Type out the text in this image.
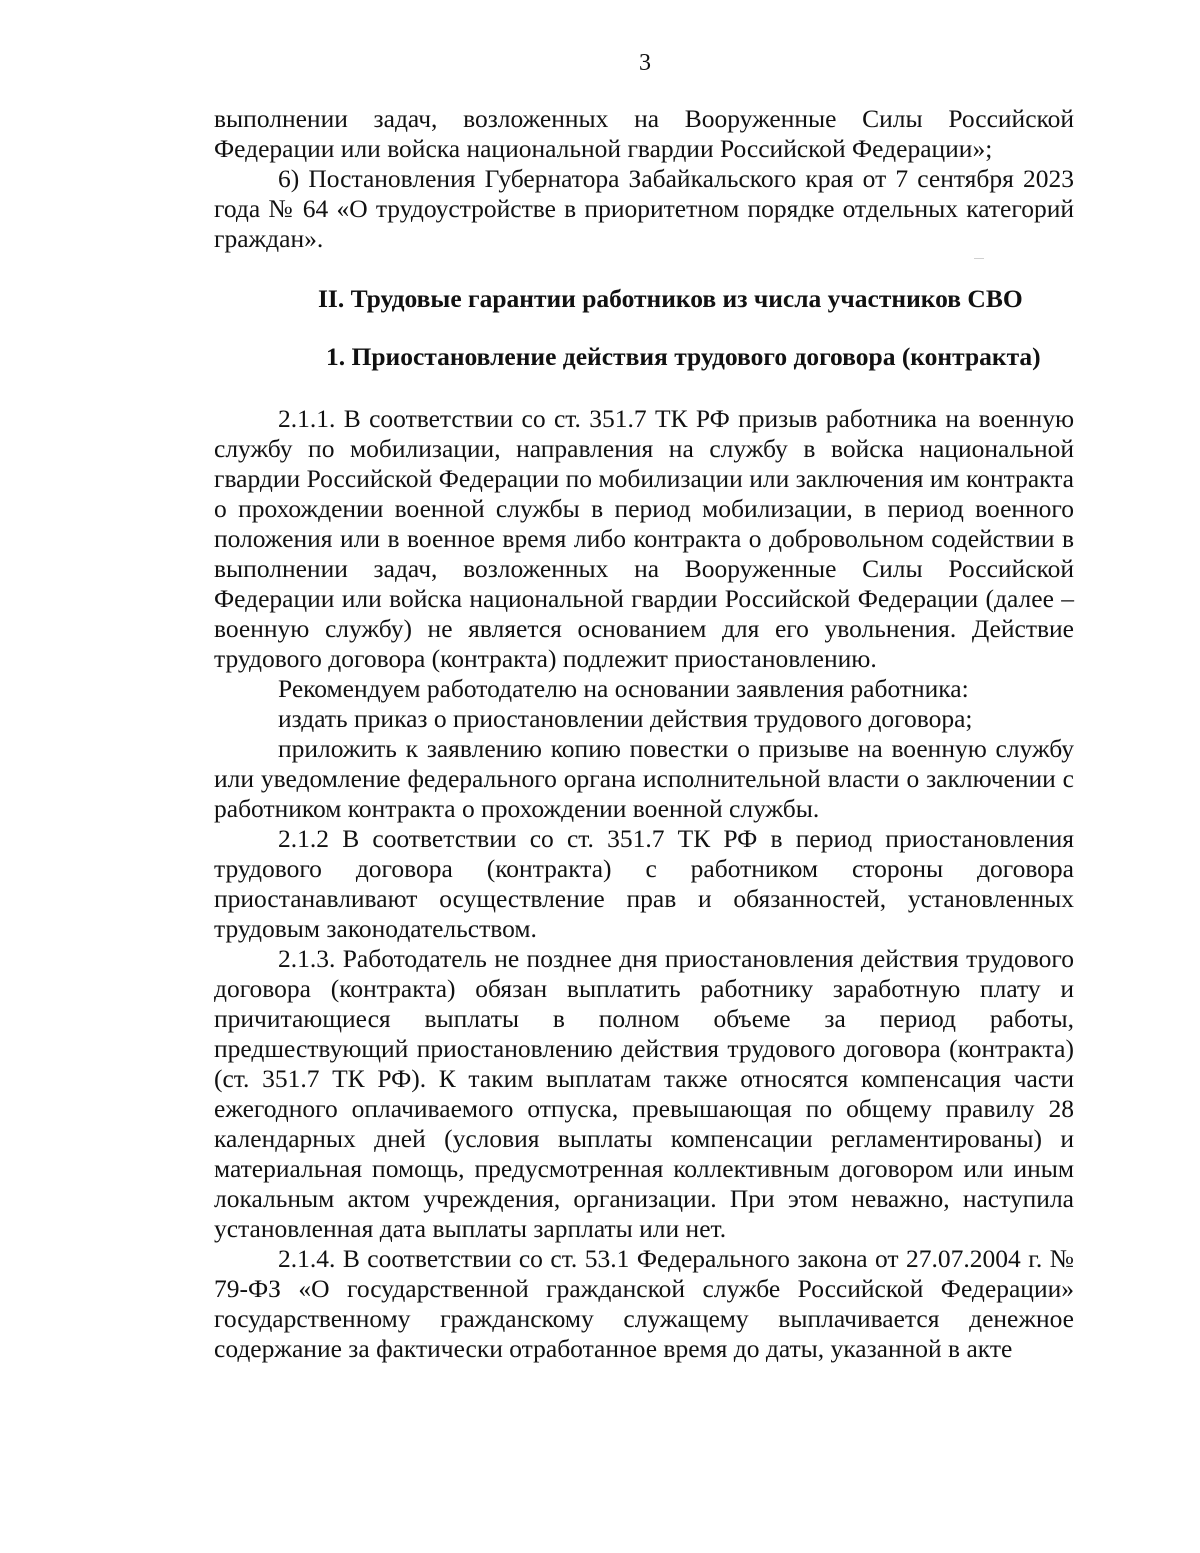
3

выполнении задач, возложенных на Вооруженные Силы Российской Федерации или войска национальной гвардии Российской Федерации»;

6) Постановления Губернатора Забайкальского края от 7 сентября 2023 года № 64 «О трудоустройстве в приоритетном порядке отдельных категорий граждан».

II. Трудовые гарантии работников из числа участников СВО
1. Приостановление действия трудового договора (контракта)

2.1.1. В соответствии со ст. 351.7 ТК РФ призыв работника на военную службу по мобилизации, направления на службу в войска национальной гвардии Российской Федерации по мобилизации или заключения им контракта о прохождении военной службы в период мобилизации, в период военного положения или в военное время либо контракта о добровольном содействии в выполнении задач, возложенных на Вооруженные Силы Российской Федерации или войска национальной гвардии Российской Федерации (далее – военную службу) не является основанием для его увольнения. Действие трудового договора (контракта) подлежит приостановлению.

Рекомендуем работодателю на основании заявления работника:

издать приказ о приостановлении действия трудового договора;

приложить к заявлению копию повестки о призыве на военную службу или уведомление федерального органа исполнительной власти о заключении с работником контракта о прохождении военной службы.

2.1.2 В соответствии со ст. 351.7 ТК РФ в период приостановления трудового договора (контракта) с работником стороны договора приостанавливают осуществление прав и обязанностей, установленных трудовым законодательством.

2.1.3. Работодатель не позднее дня приостановления действия трудового договора (контракта) обязан выплатить работнику заработную плату и причитающиеся выплаты в полном объеме за период работы, предшествующий приостановлению действия трудового договора (контракта) (ст. 351.7 ТК РФ). К таким выплатам также относятся компенсация части ежегодного оплачиваемого отпуска, превышающая по общему правилу 28 календарных дней (условия выплаты компенсации регламентированы) и материальная помощь, предусмотренная коллективным договором или иным локальным актом учреждения, организации. При этом неважно, наступила установленная дата выплаты зарплаты или нет.

2.1.4. В соответствии со ст. 53.1 Федерального закона от 27.07.2004 г. № 79-ФЗ «О государственной гражданской службе Российской Федерации» государственному гражданскому служащему выплачивается денежное содержание за фактически отработанное время до даты, указанной в акте
